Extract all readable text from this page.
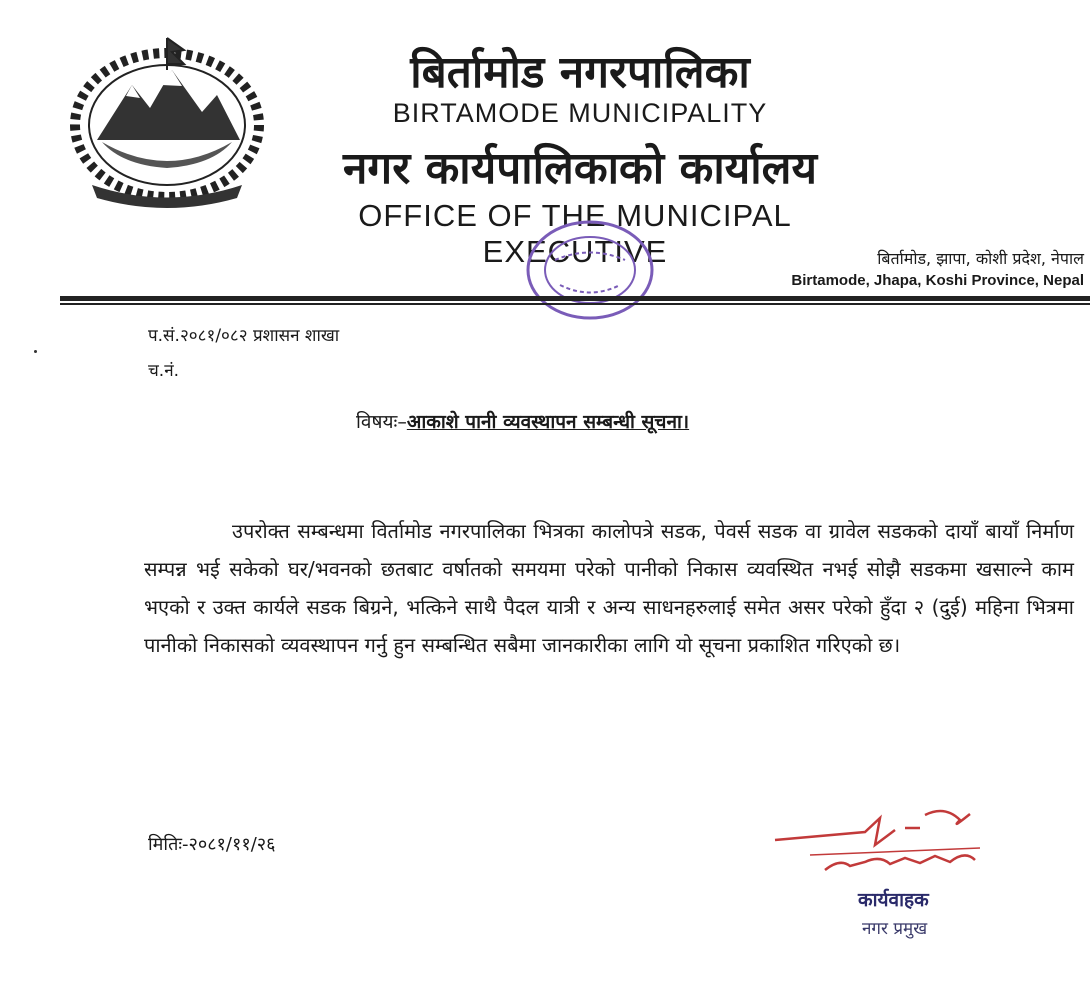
बिर्तामोड नगरपालिका
BIRTAMODE MUNICIPALITY
नगर कार्यपालिकाको कार्यालय
OFFICE OF THE MUNICIPAL EXECUTIVE	बिर्तामोड, झापा, कोशी प्रदेश, नेपाल
Birtamode, Jhapa, Koshi Province, Nepal
प.सं.२०८१/०८२ प्रशासन शाखा
च.नं.
विषयः–आकाशे पानी व्यवस्थापन सम्बन्धी सूचना।
उपरोक्त सम्बन्धमा विर्तामोड नगरपालिका भित्रका कालोपत्रे सडक, पेवर्स सडक वा ग्रावेल सडकको दायाँ बायाँ निर्माण सम्पन्न भई सकेको घर/भवनको छतबाट वर्षातको समयमा परेको पानीको निकास व्यवस्थित नभई सोझै सडकमा खसाल्ने काम भएको र उक्त कार्यले सडक बिग्रने, भत्किने साथै पैदल यात्री र अन्य साधनहरुलाई समेत असर परेको हुँदा २ (दुई) महिना भित्रमा पानीको निकासको व्यवस्थापन गर्नु हुन सम्बन्धित सबैमा जानकारीका लागि यो सूचना प्रकाशित गरिएको छ।
मितिः-२०८१/११/२६
कार्यवाहक
नगर प्रमुख
